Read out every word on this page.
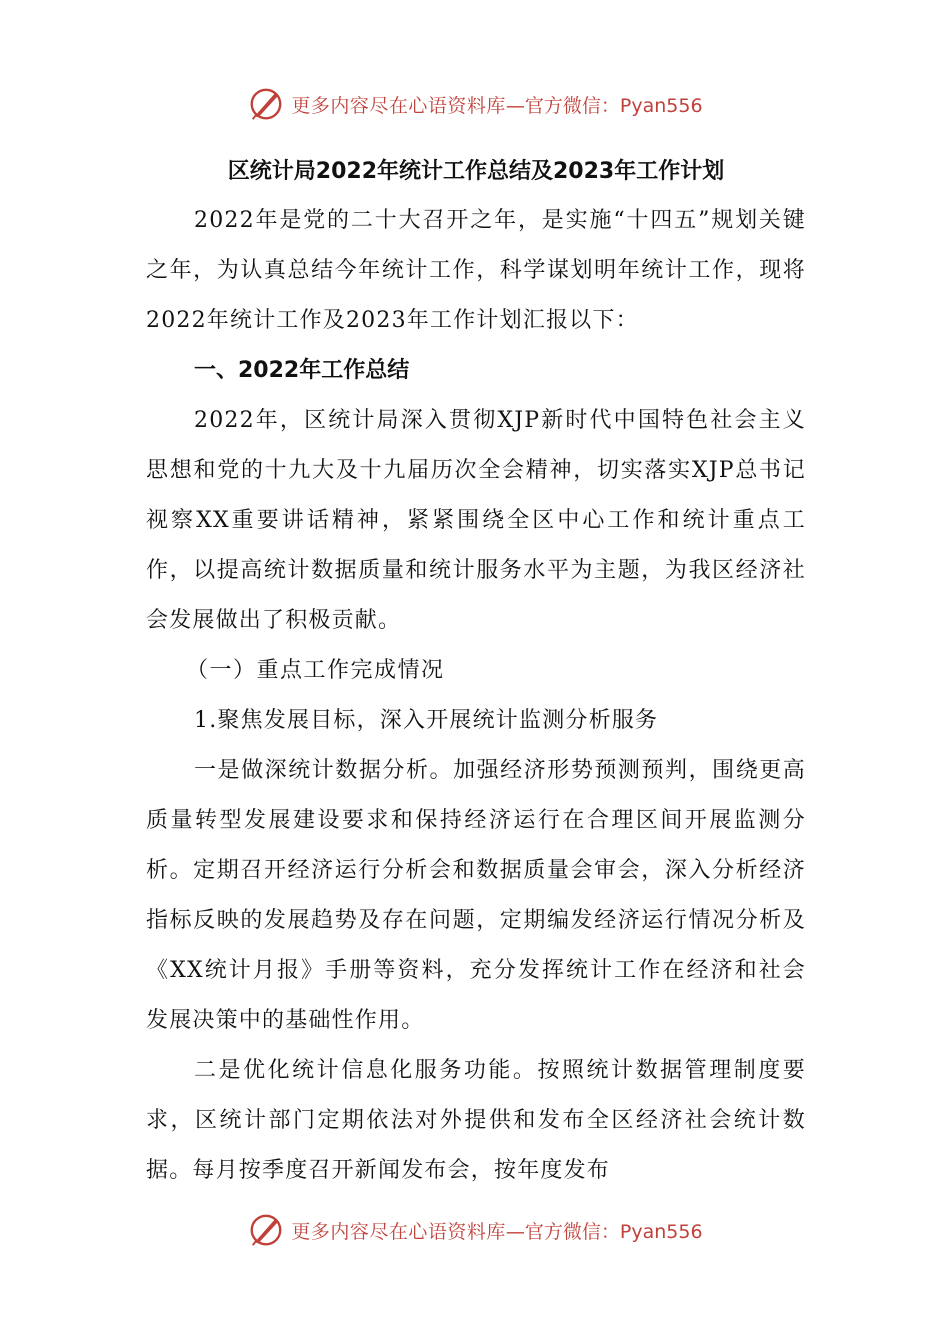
更多内容尽在心语资料库 —官方微信：Pyan556

区统计局2022年统计工作总结及2023年工作计划

2022年是党的二十大召开之年，是实施“十四五”规划关键之年，为认真总结今年统计工作，科学谋划明年统计工作，现将2022年统计工作及2023年工作计划汇报以下：

一、2022年工作总结

2022年，区统计局深入贯彻XJP新时代中国特色社会主义思想和党的十九大及十九届历次全会精神，切实落实XJP总书记视察XX重要讲话精神，紧紧围绕全区中心工作和统计重点工作，以提高统计数据质量和统计服务水平为主题，为我区经济社会发展做出了积极贡献。

（一）重点工作完成情况

1.聚焦发展目标，深入开展统计监测分析服务

一是做深统计数据分析。加强经济形势预测预判，围绕更高质量转型发展建设要求和保持经济运行在合理区间开展监测分析。定期召开经济运行分析会和数据质量会审会，深入分析经济指标反映的发展趋势及存在问题，定期编发经济运行情况分析及《XX统计月报》手册等资料，充分发挥统计工作在经济和社会发展决策中的基础性作用。

二是优化统计信息化服务功能。按照统计数据管理制度要求，区统计部门定期依法对外提供和发布全区经济社会统计数据。每月按季度召开新闻发布会，按年度发布

更多内容尽在心语资料库 —官方微信：Pyan556
